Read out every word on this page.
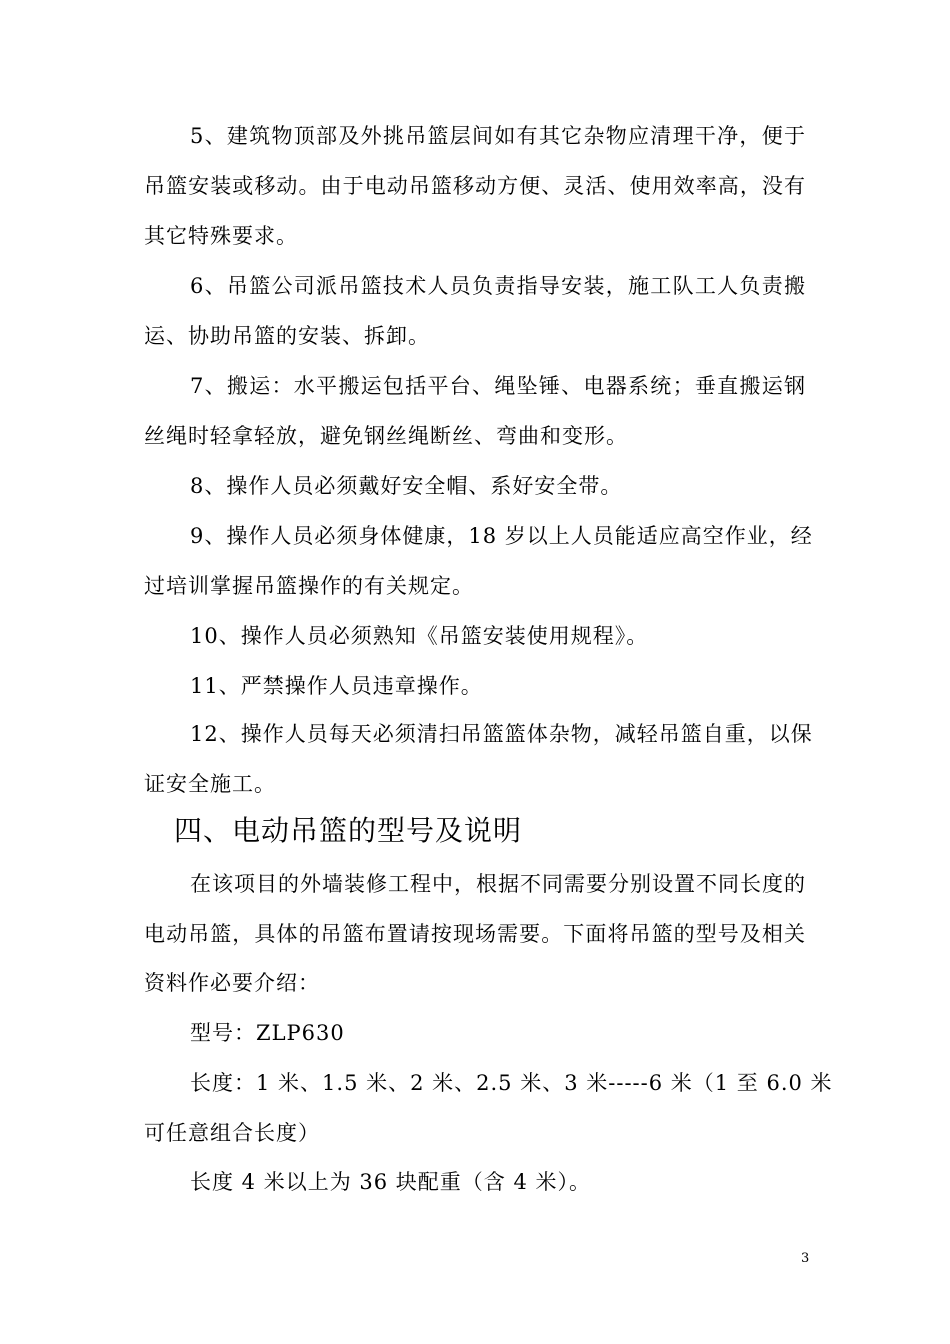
5、建筑物顶部及外挑吊篮层间如有其它杂物应清理干净，便于
吊篮安装或移动。由于电动吊篮移动方便、灵活、使用效率高，没有
其它特殊要求。
6、吊篮公司派吊篮技术人员负责指导安装，施工队工人负责搬
运、协助吊篮的安装、拆卸。
7、搬运：水平搬运包括平台、绳坠锤、电器系统；垂直搬运钢
丝绳时轻拿轻放，避免钢丝绳断丝、弯曲和变形。
8、操作人员必须戴好安全帽、系好安全带。
9、操作人员必须身体健康，18 岁以上人员能适应高空作业，经
过培训掌握吊篮操作的有关规定。
10、操作人员必须熟知《吊篮安装使用规程》。
11、严禁操作人员违章操作。
12、操作人员每天必须清扫吊篮篮体杂物，减轻吊篮自重，以保
证安全施工。
四、电动吊篮的型号及说明
在该项目的外墙装修工程中，根据不同需要分别设置不同长度的
电动吊篮，具体的吊篮布置请按现场需要。下面将吊篮的型号及相关
资料作必要介绍：
型号：ZLP630
长度：1 米、1.5 米、2 米、2.5 米、3 米-----6 米（1 至 6.0 米
可任意组合长度）
长度 4 米以上为 36 块配重（含 4 米）。
3
